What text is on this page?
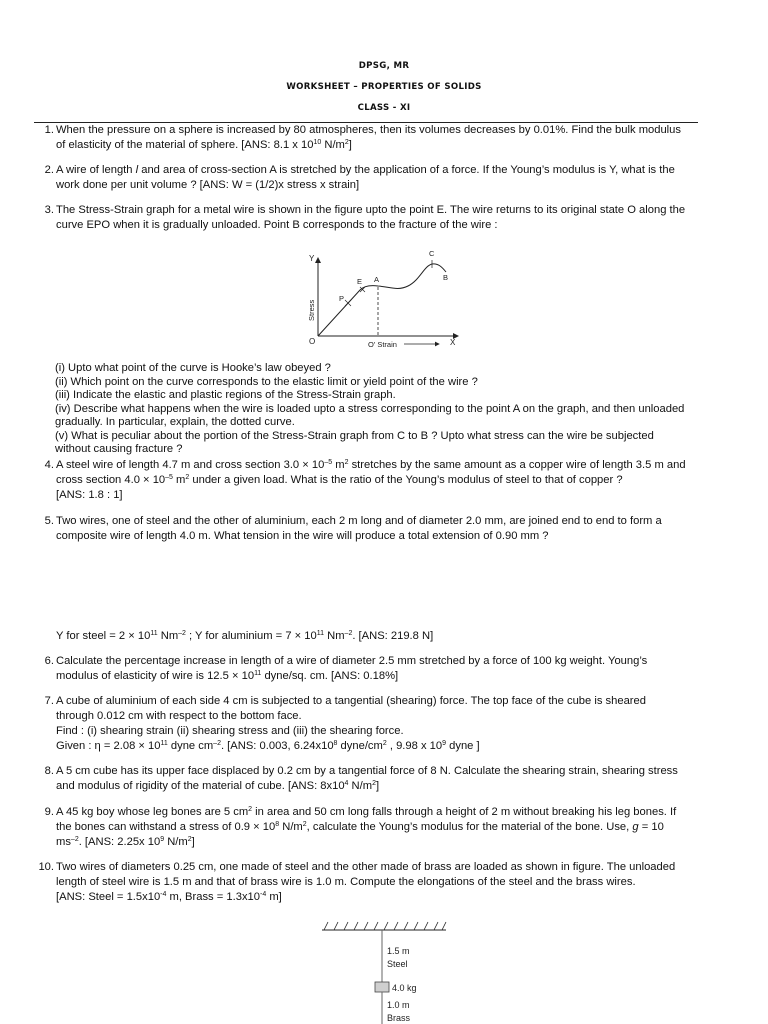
DPSG, MR
WORKSHEET – PROPERTIES OF SOLIDS
CLASS - XI
1. When the pressure on a sphere is increased by 80 atmospheres, then its volumes decreases by 0.01%. Find the bulk modulus
of elasticity of the material of sphere. [ANS: 8.1 x $10^{10}$ $N/m^2$]
2. A wire of length l and area of cross-section A is stretched by the application of a force. If the Young’s modulus is Y, what is the
work done per unit volume ? [ANS: W = (1/2)x stress x strain]
3. The Stress-Strain graph for a metal wire is shown in the figure upto the point E. The wire returns to its original state O along the
curve EPO when it is gradually unloaded. Point B corresponds to the fracture of the wire :
Y
X
O
Stress
O' Strain
P
E A
C
B
(i) Upto what point of the curve is Hooke’s law obeyed ?
(ii) Which point on the curve corresponds to the elastic limit or yield point of the wire ?
(iii) Indicate the elastic and plastic regions of the Stress-Strain graph.
(iv) Describe what happens when the wire is loaded upto a stress corresponding to the point A on the graph, and then unloaded
gradually. In particular, explain, the dotted curve.
(v) What is peculiar about the portion of the Stress-Strain graph from C to B ? Upto what stress can the wire be subjected
without causing fracture ?
4. A steel wire of length 4.7 m and cross section $3.0 \times 10^{-5}$ $m^2$ stretches by the same amount as a copper wire of length 3.5 m and
cross section $4.0 \times 10^{-5}$ $m^2$ under a given load. What is the ratio of the Young’s modulus of steel to that of copper ?
[ANS: 1.8 : 1]
5. Two wires, one of steel and the other of aluminium, each 2 m long and of diameter 2.0 mm, are joined end to end to form a
composite wire of length 4.0 m. What tension in the wire will produce a total extension of 0.90 mm ?
Y for steel = $2 \times 10^{11}$ $Nm^{-2}$ ; Y for aluminium = $7 \times 10^{11}$ $Nm^{-2}$. [ANS: 219.8 N]
6. Calculate the percentage increase in length of a wire of diameter 2.5 mm stretched by a force of 100 kg weight. Young’s
modulus of elasticity of wire is $12.5 \times 10^{11}$ dyne/sq. cm. [ANS: 0.18%]
7. A cube of aluminium of each side 4 cm is subjected to a tangential (shearing) force. The top face of the cube is sheared
through 0.012 cm with respect to the bottom face.
Find : (i) shearing strain (ii) shearing stress and (iii) the shearing force.
Given : $\eta = 2.08 \times 10^{11}$ dyne $cm^{-2}$. [ANS: 0.003, $6.24x10^8$ dyne/$cm^2$ , 9.98 x $10^9$ dyne ]
8. A 5 cm cube has its upper face displaced by 0.2 cm by a tangential force of 8 N. Calculate the shearing strain, shearing stress
and modulus of rigidity of the material of cube. [ANS: $8x10^4$ $N/m^2$]
9. A 45 kg boy whose leg bones are 5 $cm^2$ in area and 50 cm long falls through a height of 2 m without breaking his leg bones. If
the bones can withstand a stress of $0.9 \times 10^8$ $N/m^2$, calculate the Young’s modulus for the material of the bone. Use, g = 10
$ms^{-2}$. [ANS: 2.25x $10^9$ $N/m^2$]
10. Two wires of diameters 0.25 cm, one made of steel and the other made of brass are loaded as shown in figure. The unloaded
length of steel wire is 1.5 m and that of brass wire is 1.0 m. Compute the elongations of the steel and the brass wires.
[ANS: Steel = $1.5x10^{-4}$ m, Brass = $1.3x10^{-4}$ m]
1.5 m
Steel
4.0 kg
1.0 m
Brass
